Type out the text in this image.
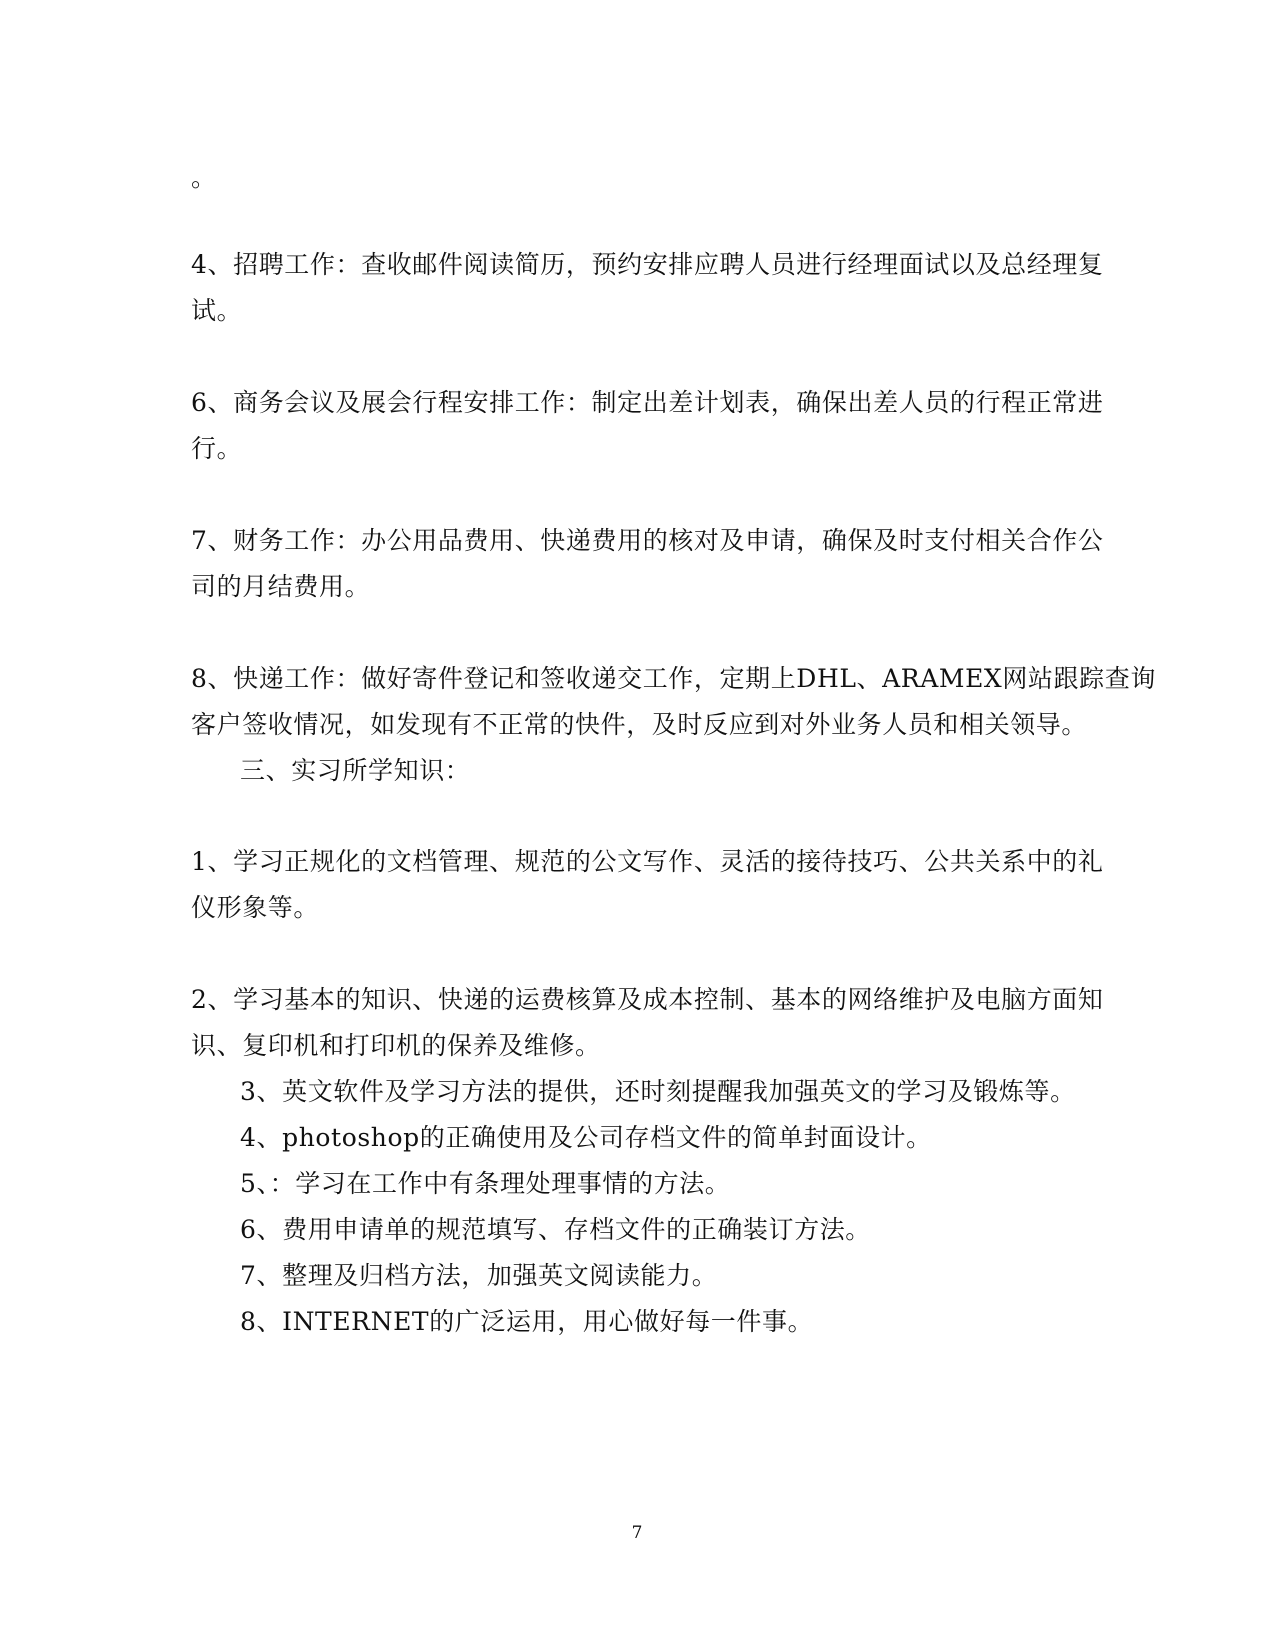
。
4、招聘工作：查收邮件阅读简历，预约安排应聘人员进行经理面试以及总经理复
试。
6、商务会议及展会行程安排工作：制定出差计划表，确保出差人员的行程正常进
行。
7、财务工作：办公用品费用、快递费用的核对及申请，确保及时支付相关合作公
司的月结费用。
8、快递工作：做好寄件登记和签收递交工作，定期上DHL、ARAMEX网站跟踪查询
客户签收情况，如发现有不正常的快件，及时反应到对外业务人员和相关领导。
三、实习所学知识：
1、学习正规化的文档管理、规范的公文写作、灵活的接待技巧、公共关系中的礼
仪形象等。
2、学习基本的知识、快递的运费核算及成本控制、基本的网络维护及电脑方面知
识、复印机和打印机的保养及维修。
3、英文软件及学习方法的提供，还时刻提醒我加强英文的学习及锻炼等。
4、photoshop的正确使用及公司存档文件的简单封面设计。
5、：学习在工作中有条理处理事情的方法。
6、费用申请单的规范填写、存档文件的正确装订方法。
7、整理及归档方法，加强英文阅读能力。
8、INTERNET的广泛运用，用心做好每一件事。
7
